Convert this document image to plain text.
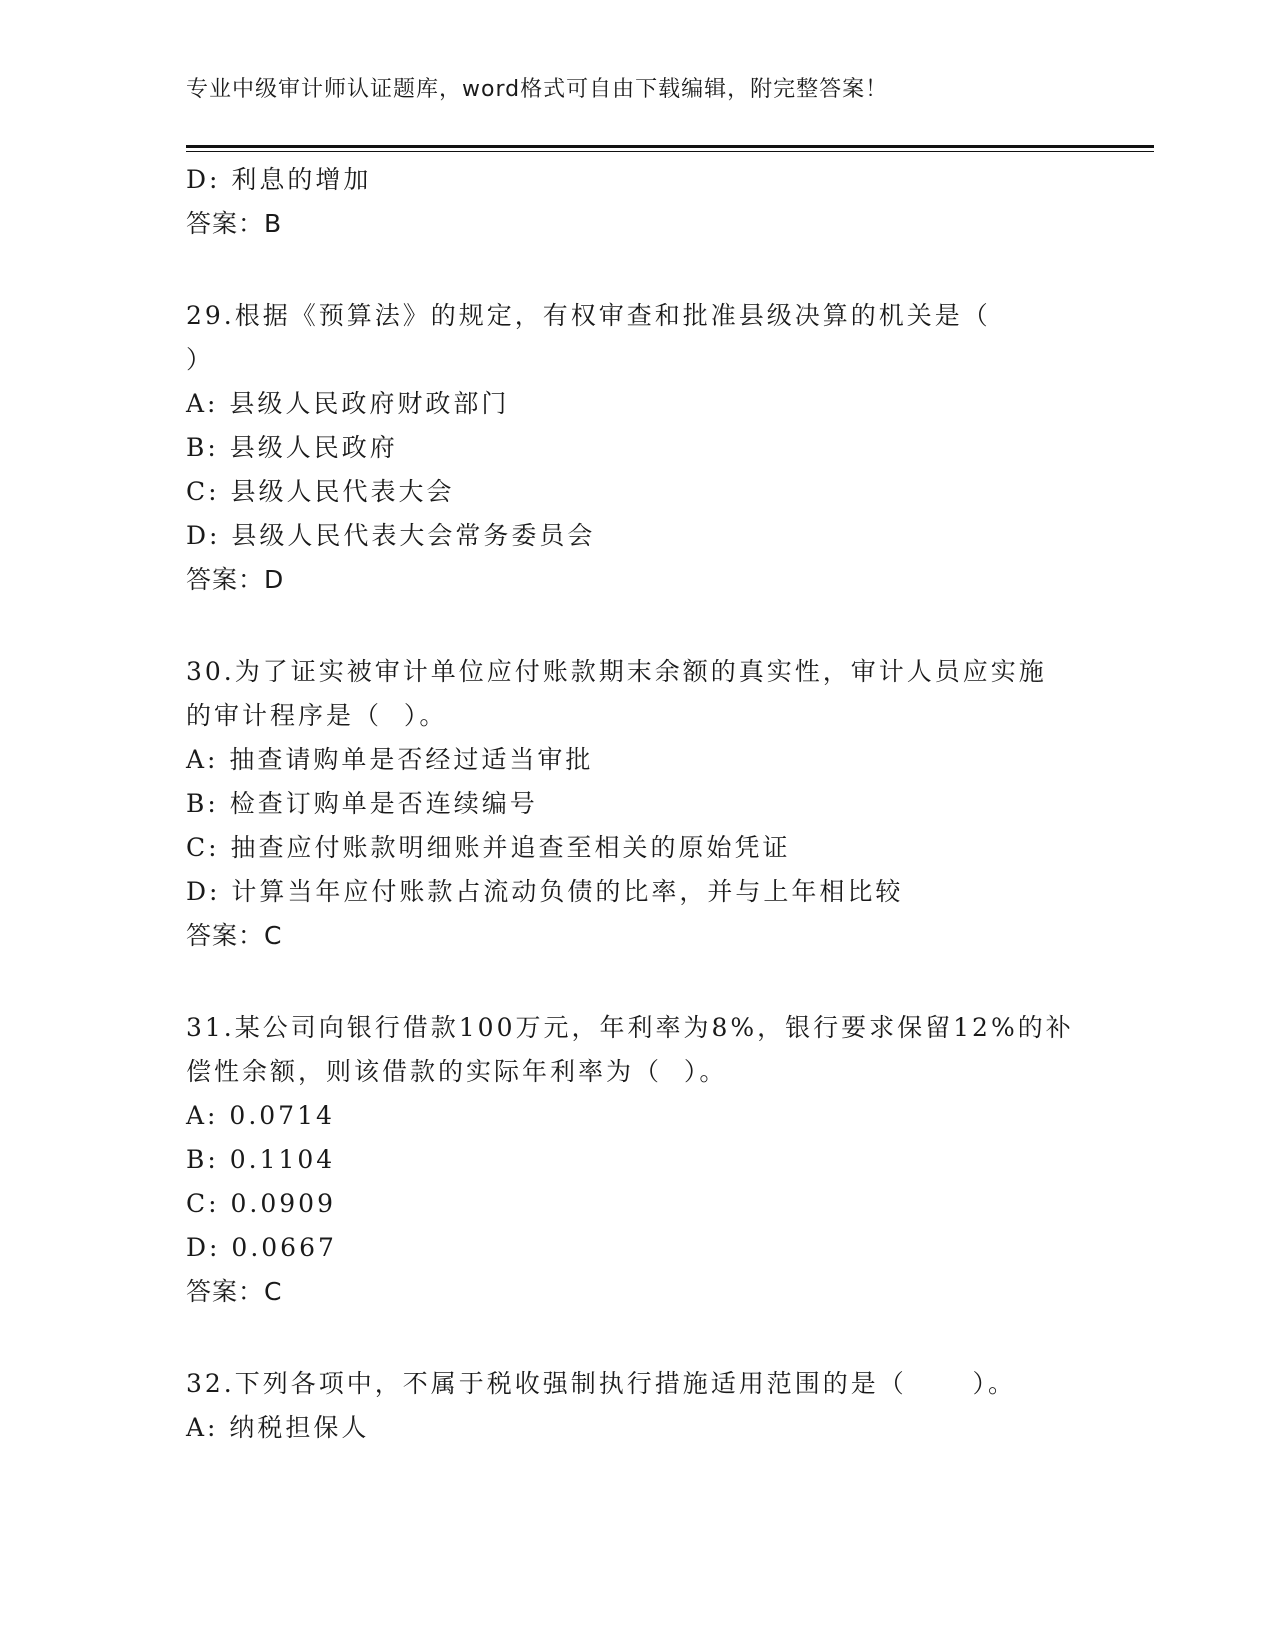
专业中级审计师认证题库，word格式可自由下载编辑，附完整答案！
D: 利息的增加
答案：B
29.根据《预算法》的规定，有权审查和批准县级决算的机关是（
）
A: 县级人民政府财政部门
B: 县级人民政府
C: 县级人民代表大会
D: 县级人民代表大会常务委员会
答案：D
30.为了证实被审计单位应付账款期末余额的真实性，审计人员应实施
的审计程序是（  ）。
A: 抽查请购单是否经过适当审批
B: 检查订购单是否连续编号
C: 抽查应付账款明细账并追查至相关的原始凭证
D: 计算当年应付账款占流动负债的比率，并与上年相比较
答案：C
31.某公司向银行借款100万元，年利率为8%，银行要求保留12%的补
偿性余额，则该借款的实际年利率为（  ）。
A: 0.0714
B: 0.1104
C: 0.0909
D: 0.0667
答案：C
32.下列各项中，不属于税收强制执行措施适用范围的是（      ）。
A: 纳税担保人
